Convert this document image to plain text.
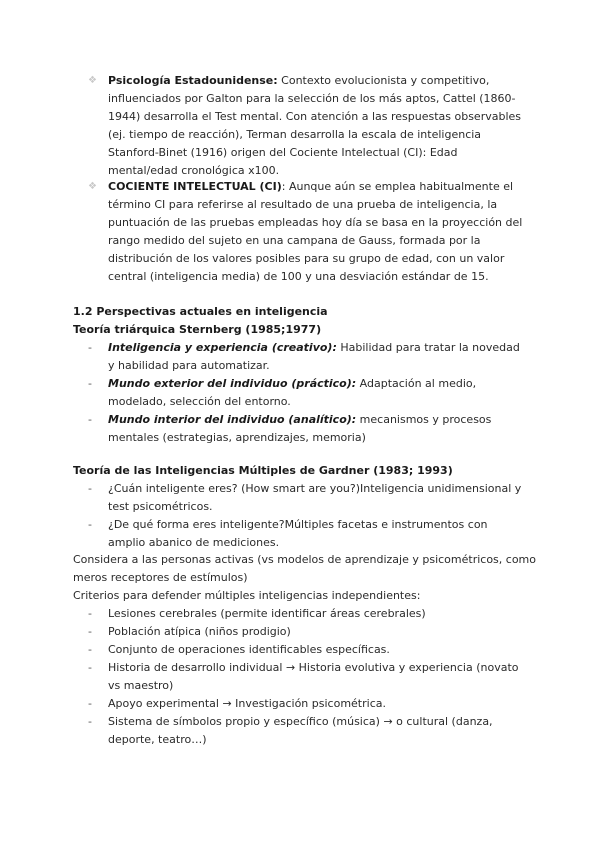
❖ Psicología Estadounidense: Contexto evolucionista y competitivo, influenciados por Galton para la selección de los más aptos, Cattel (1860-1944) desarrolla el Test mental. Con atención a las respuestas observables (ej. tiempo de reacción), Terman desarrolla la escala de inteligencia Stanford-Binet (1916) origen del Cociente Intelectual (CI): Edad mental/edad cronológica x100.
❖ COCIENTE INTELECTUAL (CI): Aunque aún se emplea habitualmente el término CI para referirse al resultado de una prueba de inteligencia, la puntuación de las pruebas empleadas hoy día se basa en la proyección del rango medido del sujeto en una campana de Gauss, formada por la distribución de los valores posibles para su grupo de edad, con un valor central (inteligencia media) de 100 y una desviación estándar de 15.
1.2 Perspectivas actuales en inteligencia
Teoría triárquica Sternberg (1985;1977)
- Inteligencia y experiencia (creativo): Habilidad para tratar la novedad y habilidad para automatizar.
- Mundo exterior del individuo (práctico): Adaptación al medio, modelado, selección del entorno.
- Mundo interior del individuo (analítico): mecanismos y procesos mentales (estrategias, aprendizajes, memoria)
Teoría de las Inteligencias Múltiples de Gardner (1983; 1993)
- ¿Cuán inteligente eres? (How smart are you?)Inteligencia unidimensional y test psicométricos.
- ¿De qué forma eres inteligente?Múltiples facetas e instrumentos con amplio abanico de mediciones.
Considera a las personas activas (vs modelos de aprendizaje y psicométricos, como meros receptores de estímulos)
Criterios para defender múltiples inteligencias independientes:
- Lesiones cerebrales (permite identificar áreas cerebrales)
- Población atípica (niños prodigio)
- Conjunto de operaciones identificables específicas.
- Historia de desarrollo individual → Historia evolutiva y experiencia (novato vs maestro)
- Apoyo experimental → Investigación psicométrica.
- Sistema de símbolos propio y específico (música) → o cultural (danza, deporte, teatro…)
